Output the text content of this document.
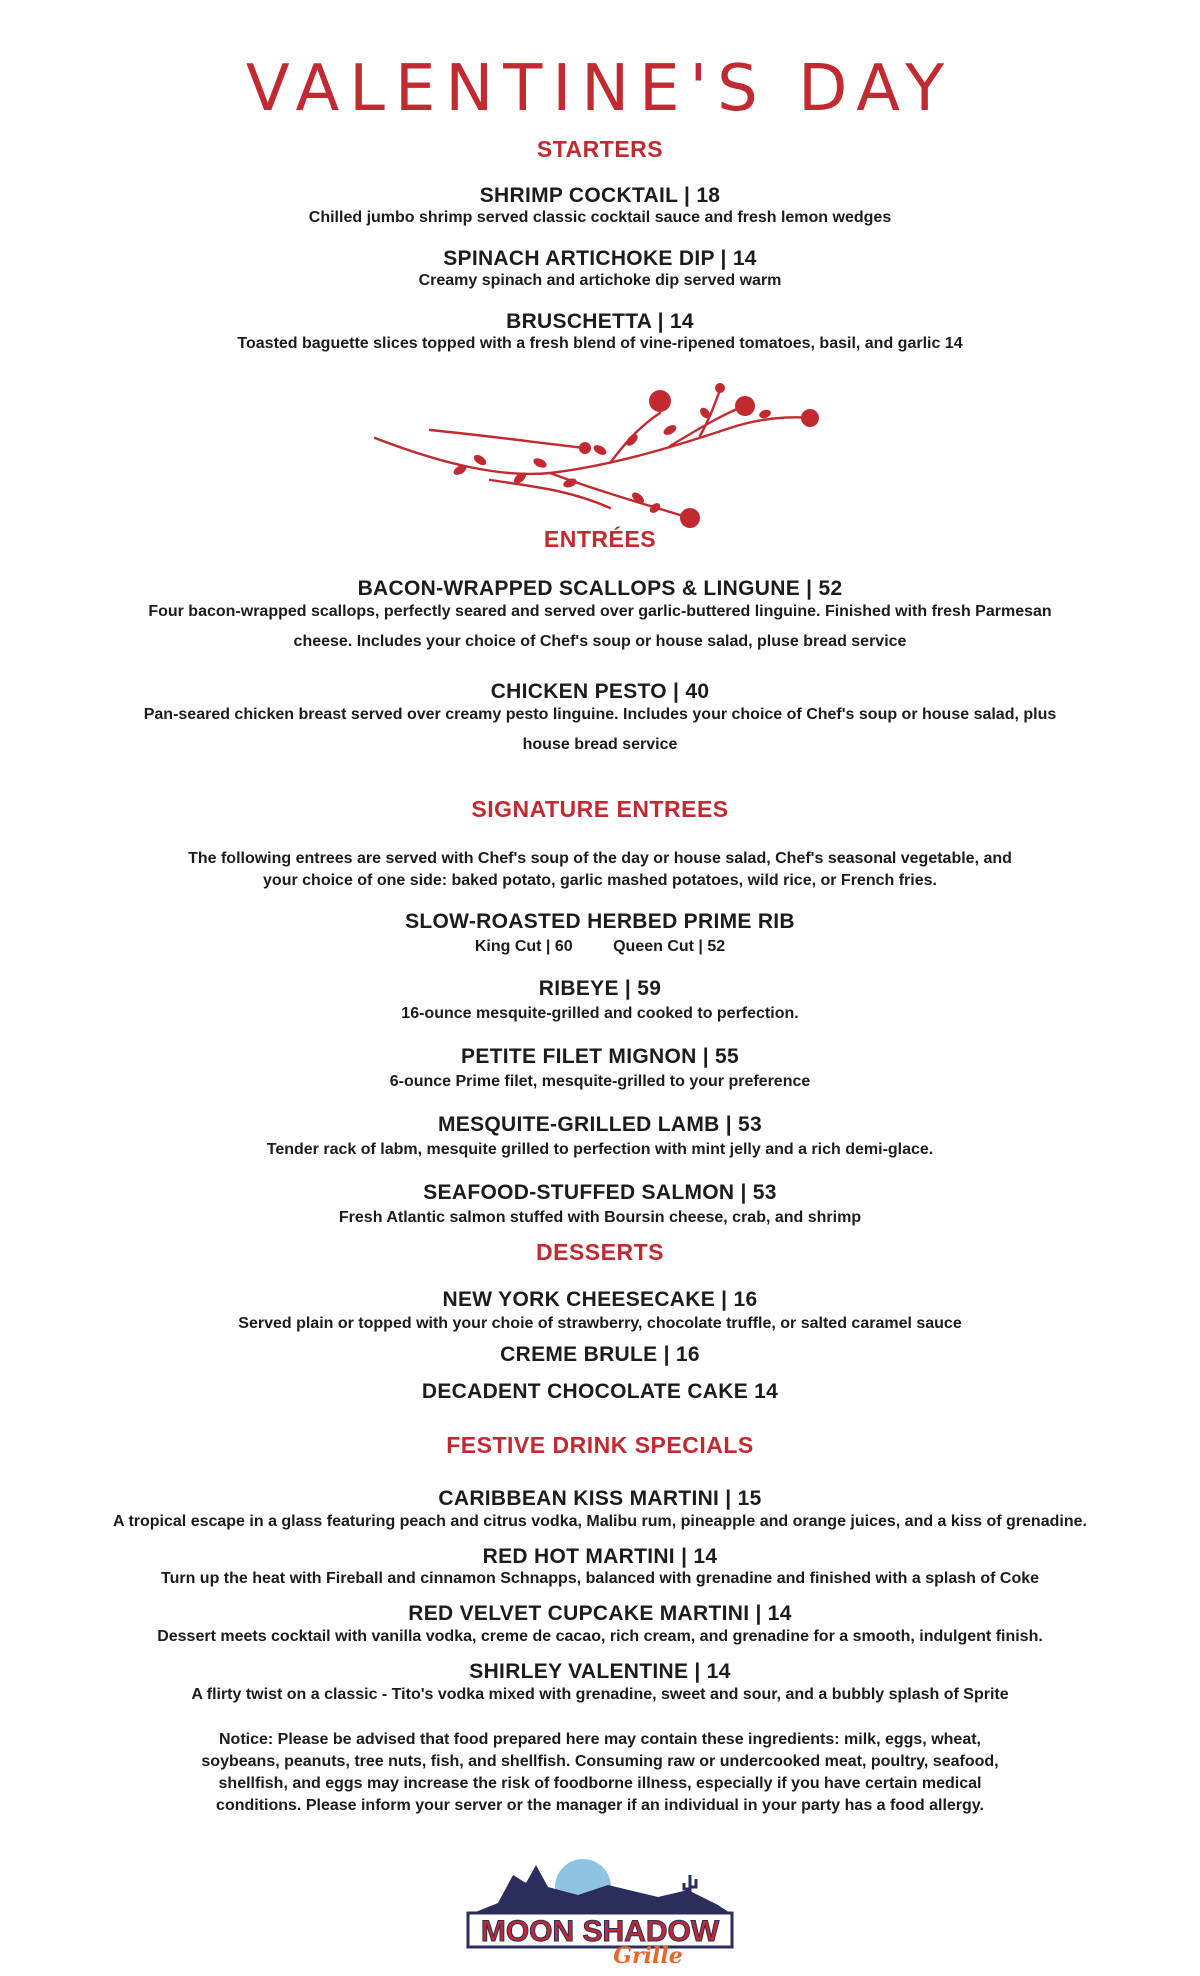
VALENTINE'S DAY
STARTERS
SHRIMP COCKTAIL | 18
Chilled jumbo shrimp served classic cocktail sauce and fresh lemon wedges
SPINACH ARTICHOKE DIP | 14
Creamy spinach and artichoke dip served warm
BRUSCHETTA | 14
Toasted baguette slices topped with a fresh blend of vine-ripened tomatoes, basil, and garlic 14
ENTRÉES
BACON-WRAPPED SCALLOPS & LINGUNE | 52
Four bacon-wrapped scallops, perfectly seared and served over garlic-buttered linguine. Finished with fresh Parmesan
cheese. Includes your choice of Chef's soup or house salad, pluse bread service
CHICKEN PESTO | 40
Pan-seared chicken breast served over creamy pesto linguine. Includes your choice of Chef's soup or house salad, plus
house bread service
SIGNATURE ENTREES
The following entrees are served with Chef's soup of the day or house salad, Chef's seasonal vegetable, and
your choice of one side: baked potato, garlic mashed potatoes, wild rice, or French fries.
SLOW-ROASTED HERBED PRIME RIB
King Cut | 60	Queen Cut | 52
RIBEYE | 59
16-ounce mesquite-grilled and cooked to perfection.
PETITE FILET MIGNON | 55
6-ounce Prime filet, mesquite-grilled to your preference
MESQUITE-GRILLED LAMB | 53
Tender rack of labm, mesquite grilled to perfection with mint jelly and a rich demi-glace.
SEAFOOD-STUFFED SALMON | 53
Fresh Atlantic salmon stuffed with Boursin cheese, crab, and shrimp
DESSERTS
NEW YORK CHEESECAKE | 16
Served plain or topped with your choie of strawberry, chocolate truffle, or salted caramel sauce
CREME BRULE | 16
DECADENT CHOCOLATE CAKE 14
FESTIVE DRINK SPECIALS
CARIBBEAN KISS MARTINI | 15
A tropical escape in a glass featuring peach and citrus vodka, Malibu rum, pineapple and orange juices, and a kiss of grenadine.
RED HOT MARTINI | 14
Turn up the heat with Fireball and cinnamon Schnapps, balanced with grenadine and finished with a splash of Coke
RED VELVET CUPCAKE MARTINI | 14
Dessert meets cocktail with vanilla vodka, creme de cacao, rich cream, and grenadine for a smooth, indulgent finish.
SHIRLEY VALENTINE | 14
A flirty twist on a classic - Tito's vodka mixed with grenadine, sweet and sour, and a bubbly splash of Sprite
Notice: Please be advised that food prepared here may contain these ingredients: milk, eggs, wheat,
soybeans, peanuts, tree nuts, fish, and shellfish. Consuming raw or undercooked meat, poultry, seafood,
shellfish, and eggs may increase the risk of foodborne illness, especially if you have certain medical
conditions. Please inform your server or the manager if an individual in your party has a food allergy.
MOON SHADOW
Grille
